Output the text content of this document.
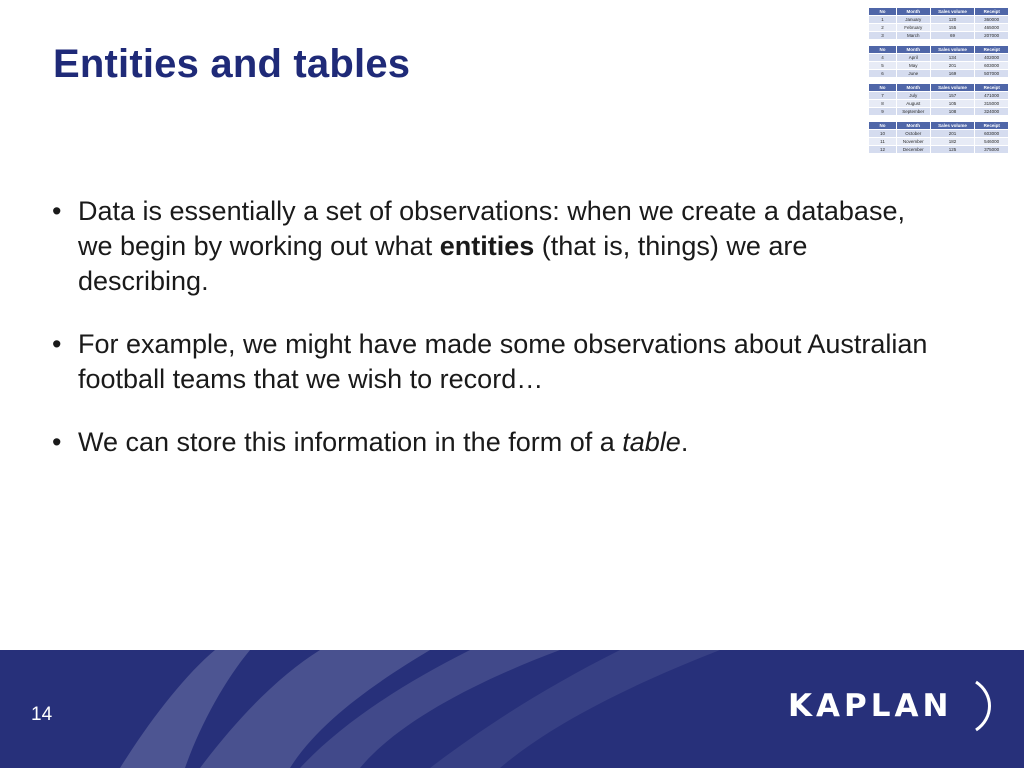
Entities and tables
No	Month	Sales volume	Receipt
1	January	120	360000
2	February	155	465000
3	March	69	207000
No	Month	Sales volume	Receipt
4	April	134	402000
5	May	201	603000
6	June	169	507000
No	Month	Sales volume	Receipt
7	July	157	471000
8	August	105	315000
9	September	108	324000
No	Month	Sales volume	Receipt
10	October	201	603000
11	November	182	546000
12	December	125	375000
• Data is essentially a set of observations: when we create a database, we begin by working out what entities (that is, things) we are describing.
• For example, we might have made some observations about Australian football teams that we wish to record…
• We can store this information in the form of a table.
14	KAPLAN
